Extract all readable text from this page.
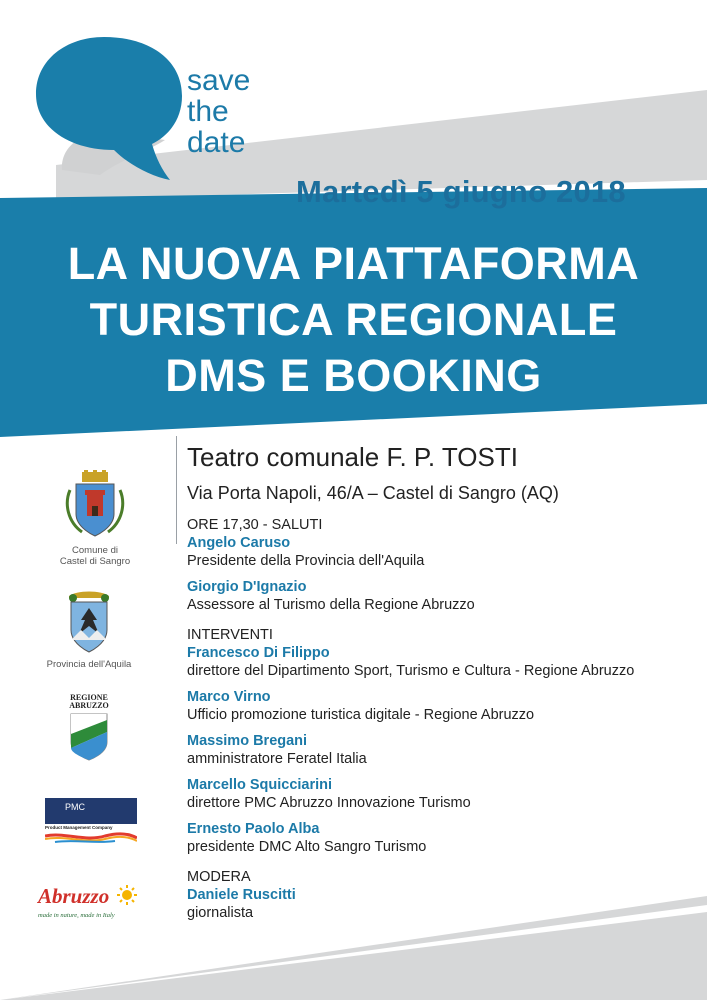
save
the
date
Martedì 5 giugno 2018
LA NUOVA PIATTAFORMA
TURISTICA REGIONALE
DMS E BOOKING
Teatro comunale F. P. TOSTI
Via Porta Napoli, 46/A – Castel di Sangro (AQ)
ORE 17,30 - SALUTI
Angelo Caruso
Presidente della Provincia dell'Aquila
Giorgio D'Ignazio
Assessore al Turismo della Regione Abruzzo
INTERVENTI
Francesco Di Filippo
direttore del Dipartimento Sport, Turismo e Cultura - Regione Abruzzo
Marco Virno
Ufficio promozione turistica digitale - Regione Abruzzo
Massimo Bregani
amministratore Feratel Italia
Marcello Squicciarini
direttore PMC Abruzzo Innovazione Turismo
Ernesto Paolo Alba
presidente DMC Alto Sangro Turismo
MODERA
Daniele Ruscitti
giornalista
Comune di
Castel di Sangro
Provincia dell'Aquila
REGIONE
ABRUZZO
PMC
Product Management Company
Abruzzo
made in nature, made in Italy
